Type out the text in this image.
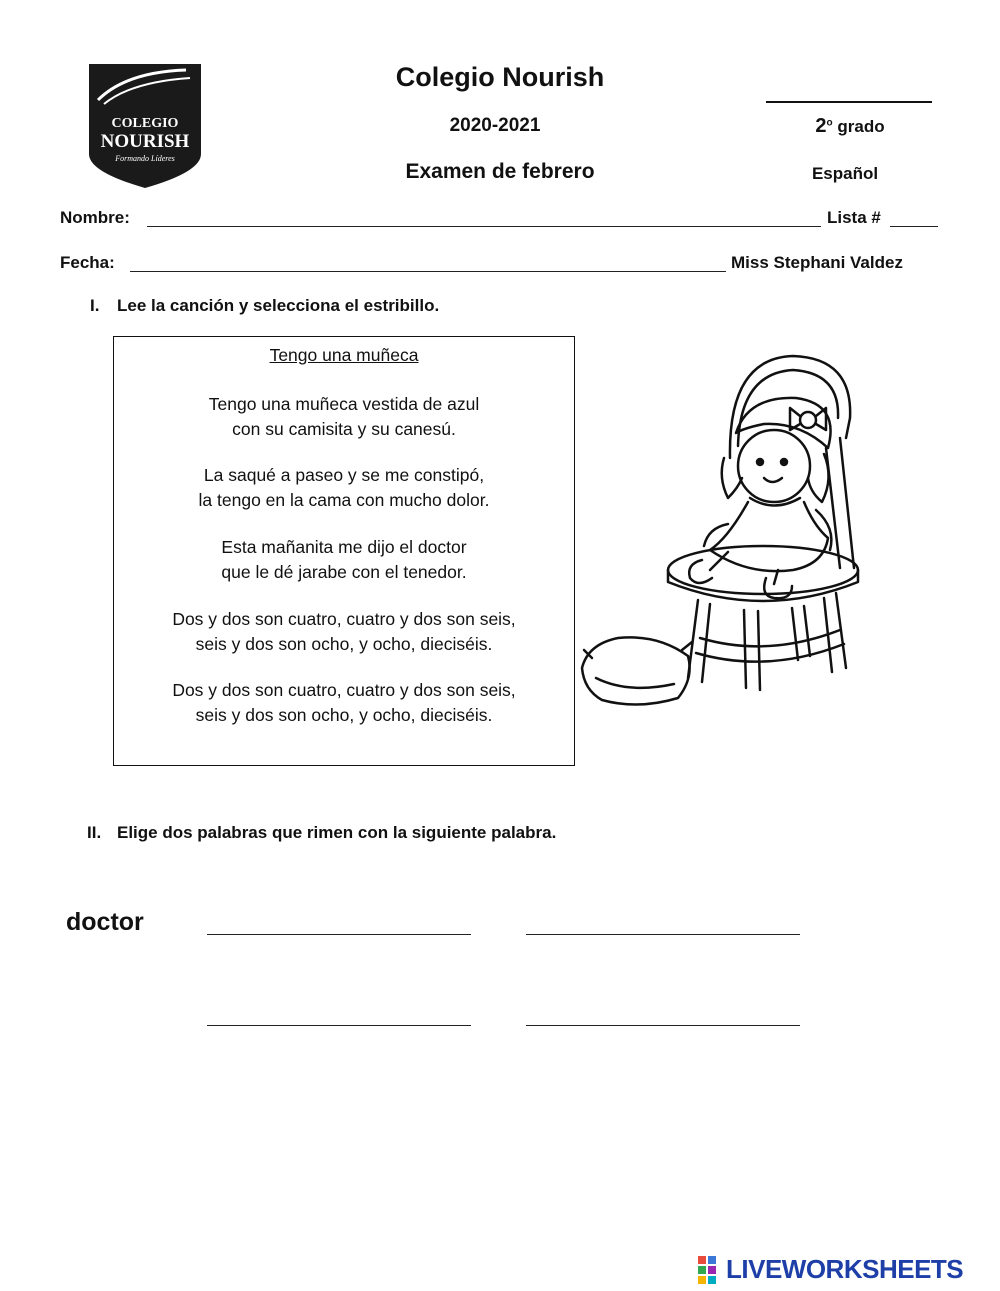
COLEGIO
NOURISH
Formando Líderes
Colegio Nourish
2020-2021
Examen de febrero
2$^o$ grado
Español
Nombre:	Lista #
Fecha:	Miss Stephani Valdez
I. Lee la canción y selecciona el estribillo.
Tengo una muñeca
Tengo una muñeca vestida de azul
con su camisita y su canesú.
La saqué a paseo y se me constipó,
la tengo en la cama con mucho dolor.
Esta mañanita me dijo el doctor
que le dé jarabe con el tenedor.
Dos y dos son cuatro, cuatro y dos son seis,
seis y dos son ocho, y ocho, dieciséis.
Dos y dos son cuatro, cuatro y dos son seis,
seis y dos son ocho, y ocho, dieciséis.
II. Elige dos palabras que rimen con la siguiente palabra.
doctor
LIVEWORKSHEETS
